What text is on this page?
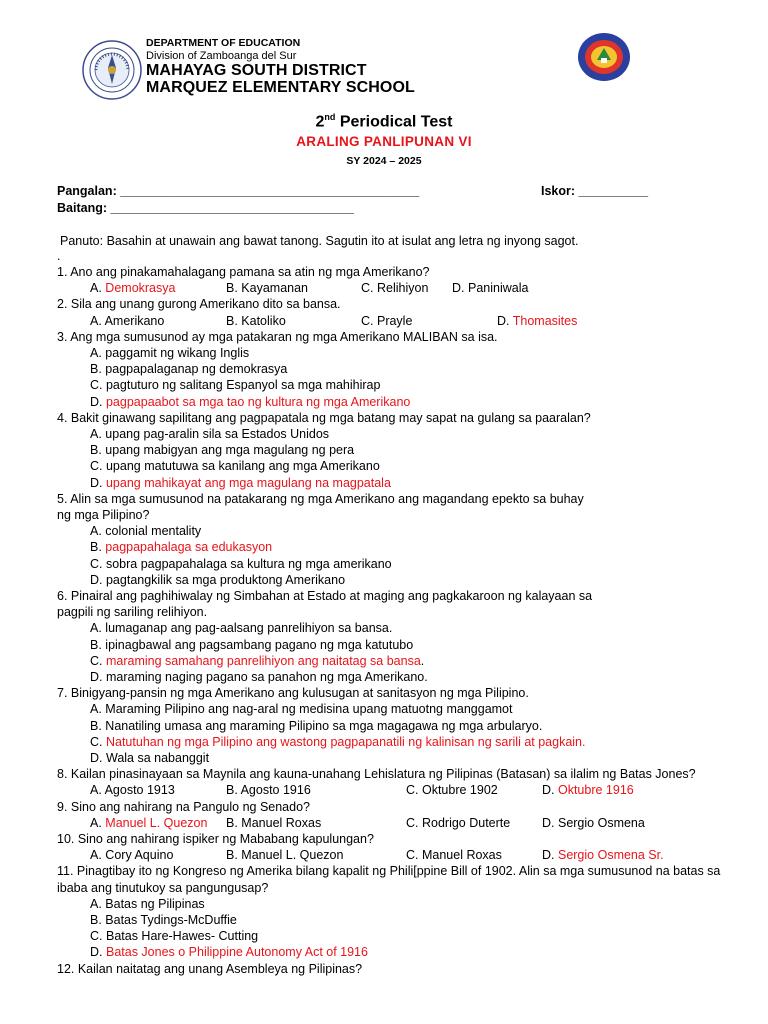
DEPARTMENT OF EDUCATION
Division of Zamboanga del Sur
MAHAYAG SOUTH DISTRICT
MARQUEZ ELEMENTARY SCHOOL
2nd Periodical Test
ARALING PANLIPUNAN VI
SY 2024 – 2025
Pangalan: ___________________________________________	Iskor: __________
Baitang: ___________________________________
Panuto: Basahin at unawain ang bawat tanong. Sagutin ito at isulat ang letra ng inyong sagot.
.
1. Ano ang pinakamahalagang pamana sa atin ng mga Amerikano?
A. Demokrasya	B. Kayamanan	C. Relihiyon D. Paniniwala
2. Sila ang unang gurong Amerikano dito sa bansa.
A. Amerikano	B. Katoliko	C. Prayle	D. Thomasites
3. Ang mga sumusunod ay mga patakaran ng mga Amerikano MALIBAN sa isa.
A. paggamit ng wikang Inglis
B. pagpapalaganap ng demokrasya
C. pagtuturo ng salitang Espanyol sa mga mahihirap
D. pagpapaabot sa mga tao ng kultura ng mga Amerikano
4. Bakit ginawang sapilitang ang pagpapatala ng mga batang may sapat na gulang sa paaralan?
A. upang pag-aralin sila sa Estados Unidos
B. upang mabigyan ang mga magulang ng pera
C. upang matutuwa sa kanilang ang mga Amerikano
D. upang mahikayat ang mga magulang na magpatala
5. Alin sa mga sumusunod na patakarang ng mga Amerikano ang magandang epekto sa buhay
ng mga Pilipino?
A. colonial mentality
B. pagpapahalaga sa edukasyon
C. sobra pagpapahalaga sa kultura ng mga amerikano
D. pagtangkilik sa mga produktong Amerikano
6. Pinairal ang paghihiwalay ng Simbahan at Estado at maging ang pagkakaroon ng kalayaan sa
pagpili ng sariling relihiyon.
A. lumaganap ang pag-aalsang panrelihiyon sa bansa.
B. ipinagbawal ang pagsambang pagano ng mga katutubo
C. maraming samahang panrelihiyon ang naitatag sa bansa.
D. maraming naging pagano sa panahon ng mga Amerikano.
7. Binigyang-pansin ng mga Amerikano ang kulusugan at sanitasyon ng mga Pilipino.
A. Maraming Pilipino ang nag-aral ng medisina upang matuotng manggamot
B. Nanatiling umasa ang maraming Pilipino sa mga magagawa ng mga arbularyo.
C. Natutuhan ng mga Pilipino ang wastong pagpapanatili ng kalinisan ng sarili at pagkain.
D. Wala sa nabanggit
8. Kailan pinasinayaan sa Maynila ang kauna-unahang Lehislatura ng Pilipinas (Batasan) sa ilalim ng Batas Jones?
A. Agosto 1913	B. Agosto 1916	C. Oktubre 1902	D. Oktubre 1916
9. Sino ang nahirang na Pangulo ng Senado?
A. Manuel L. Quezon B. Manuel Roxas	C. Rodrigo Duterte	D. Sergio Osmena
10. Sino ang nahirang ispiker ng Mababang kapulungan?
A. Cory Aquino	B. Manuel L. Quezon	C. Manuel Roxas	D. Sergio Osmena Sr.
11. Pinagtibay ito ng Kongreso ng Amerika bilang kapalit ng Phili[ppine Bill of 1902. Alin sa mga sumusunod na batas sa
ibaba ang tinutukoy sa pangungusap?
A. Batas ng Pilipinas
B. Batas Tydings-McDuffie
C. Batas Hare-Hawes- Cutting
D. Batas Jones o Philippine Autonomy Act of 1916
12. Kailan naitatag ang unang Asembleya ng Pilipinas?
